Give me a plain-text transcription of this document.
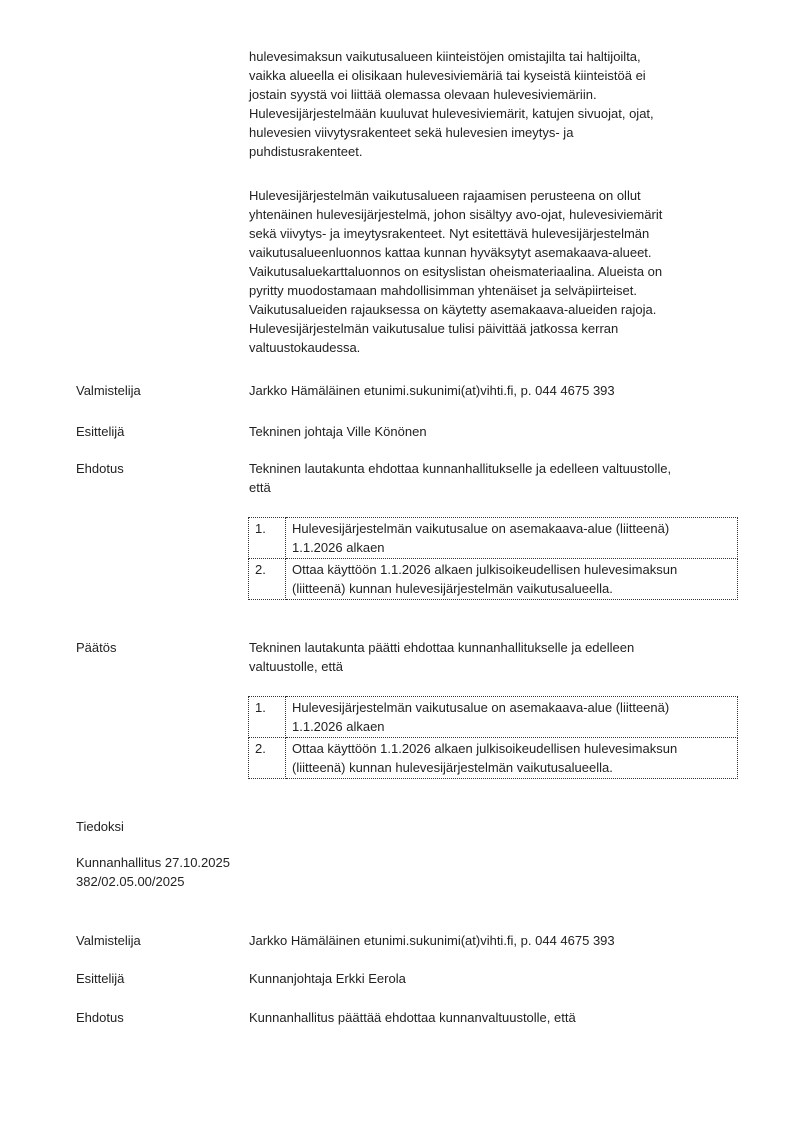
hulevesimaksun vaikutusalueen kiinteistöjen omistajilta tai haltijoilta,
vaikka alueella ei olisikaan hulevesiviemäriä tai kyseistä kiinteistöä ei
jostain syystä voi liittää olemassa olevaan hulevesiviemäriin.
Hulevesijärjestelmään kuuluvat hulevesiviemärit, katujen sivuojat, ojat,
hulevesien viivytysrakenteet sekä hulevesien imeytys- ja
puhdistusrakenteet.
Hulevesijärjestelmän vaikutusalueen rajaamisen perusteena on ollut
yhtenäinen hulevesijärjestelmä, johon sisältyy avo-ojat, hulevesiviemärit
sekä viivytys- ja imeytysrakenteet. Nyt esitettävä hulevesijärjestelmän
vaikutusalueenluonnos kattaa kunnan hyväksytyt asemakaava-alueet.
Vaikutusaluekarttaluonnos on esityslistan oheismateriaalina. Alueista on
pyritty muodostamaan mahdollisimman yhtenäiset ja selväpiirteiset.
Vaikutusalueiden rajauksessa on käytetty asemakaava-alueiden rajoja.
Hulevesijärjestelmän vaikutusalue tulisi päivittää jatkossa kerran
valtuustokaudessa.
Valmistelija	Jarkko Hämäläinen etunimi.sukunimi(at)vihti.fi, p. 044 4675 393
Esittelijä	Tekninen johtaja Ville Könönen
Ehdotus	Tekninen lautakunta ehdottaa kunnanhallitukselle ja edelleen valtuustolle,
että
1.	Hulevesijärjestelmän vaikutusalue on asemakaava-alue (liitteenä)
1.1.2026 alkaen
2.	Ottaa käyttöön 1.1.2026 alkaen julkisoikeudellisen hulevesimaksun
(liitteenä) kunnan hulevesijärjestelmän vaikutusalueella.
Päätös	Tekninen lautakunta päätti ehdottaa kunnanhallitukselle ja edelleen
valtuustolle, että
1.	Hulevesijärjestelmän vaikutusalue on asemakaava-alue (liitteenä)
1.1.2026 alkaen
2.	Ottaa käyttöön 1.1.2026 alkaen julkisoikeudellisen hulevesimaksun
(liitteenä) kunnan hulevesijärjestelmän vaikutusalueella.
Tiedoksi
Kunnanhallitus 27.10.2025
382/02.05.00/2025
Valmistelija	Jarkko Hämäläinen etunimi.sukunimi(at)vihti.fi, p. 044 4675 393
Esittelijä	Kunnanjohtaja Erkki Eerola
Ehdotus	Kunnanhallitus päättää ehdottaa kunnanvaltuustolle, että
